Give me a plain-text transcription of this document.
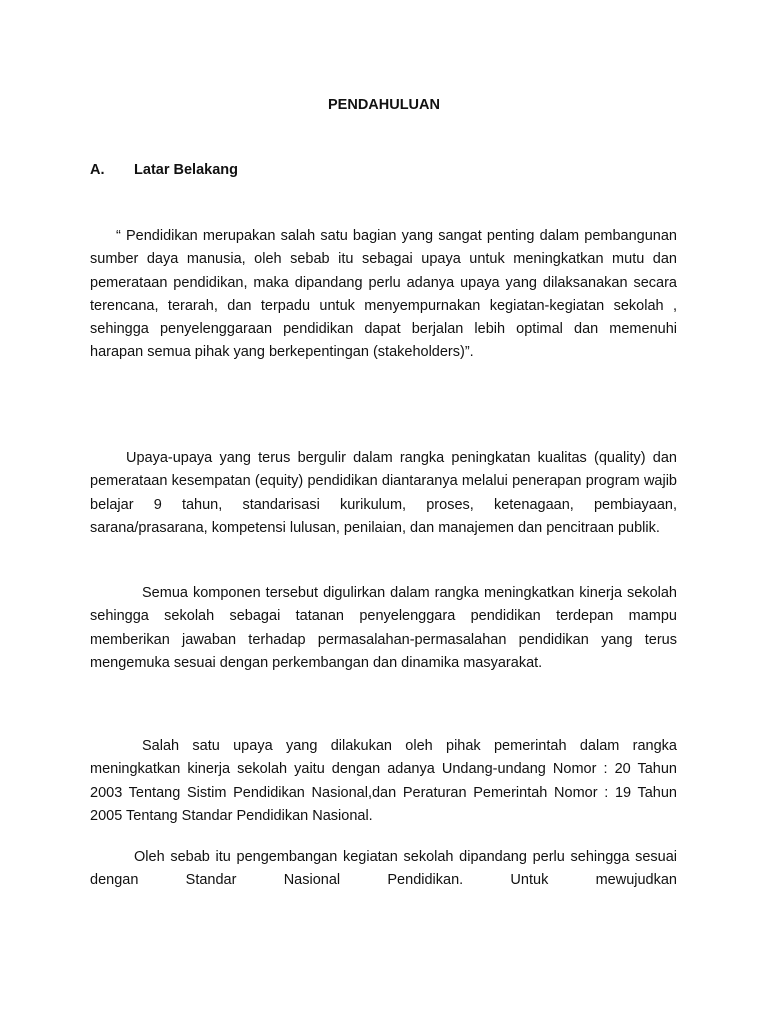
PENDAHULUAN
A. Latar Belakang

“ Pendidikan merupakan salah satu bagian yang sangat penting dalam pembangunan sumber daya manusia, oleh sebab itu sebagai upaya untuk meningkatkan mutu dan pemerataan pendidikan, maka dipandang perlu adanya upaya yang dilaksanakan secara terencana, terarah, dan terpadu untuk menyempurnakan kegiatan-kegiatan sekolah , sehingga penyelenggaraan pendidikan dapat berjalan lebih optimal dan memenuhi harapan semua pihak yang berkepentingan (stakeholders)”.

Upaya-upaya yang terus bergulir dalam rangka peningkatan kualitas (quality) dan pemerataan kesempatan (equity) pendidikan diantaranya melalui penerapan program wajib belajar 9 tahun, standarisasi kurikulum, proses, ketenagaan, pembiayaan, sarana/prasarana, kompetensi lulusan, penilaian, dan manajemen dan pencitraan publik.

Semua komponen tersebut digulirkan dalam rangka meningkatkan kinerja sekolah sehingga sekolah sebagai tatanan penyelenggara pendidikan terdepan mampu memberikan jawaban terhadap permasalahan-permasalahan pendidikan yang terus mengemuka sesuai dengan perkembangan dan dinamika masyarakat.

Salah satu upaya yang dilakukan oleh pihak pemerintah dalam rangka meningkatkan kinerja sekolah yaitu dengan adanya Undang-undang Nomor : 20 Tahun 2003 Tentang Sistim Pendidikan Nasional,dan Peraturan Pemerintah Nomor : 19 Tahun 2005 Tentang Standar Pendidikan Nasional.

Oleh sebab itu pengembangan kegiatan sekolah dipandang perlu sehingga sesuai dengan Standar Nasional Pendidikan. Untuk mewujudkan
